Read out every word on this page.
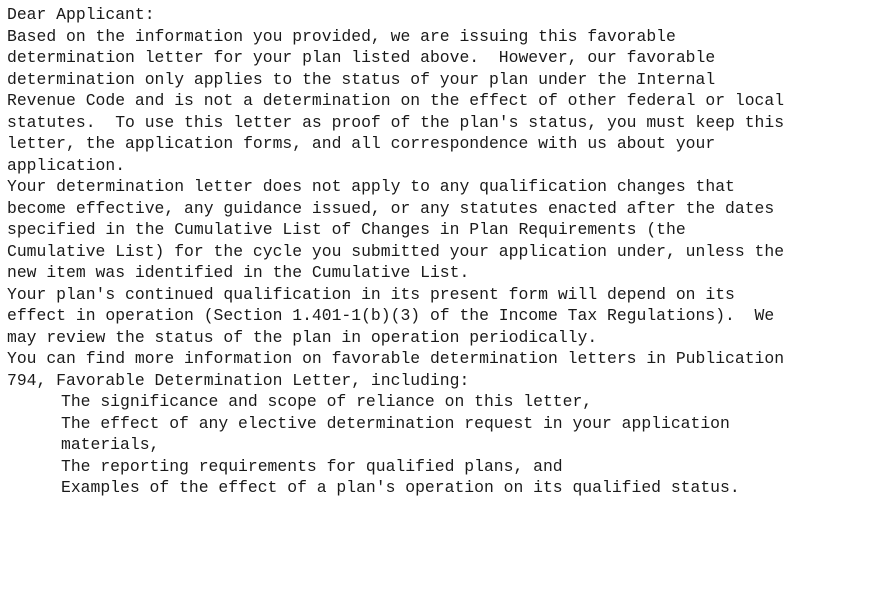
Dear Applicant:
Based on the information you provided, we are issuing this favorable
determination letter for your plan listed above.  However, our favorable
determination only applies to the status of your plan under the Internal
Revenue Code and is not a determination on the effect of other federal or local
statutes.  To use this letter as proof of the plan's status, you must keep this
letter, the application forms, and all correspondence with us about your
application.
Your determination letter does not apply to any qualification changes that
become effective, any guidance issued, or any statutes enacted after the dates
specified in the Cumulative List of Changes in Plan Requirements (the
Cumulative List) for the cycle you submitted your application under, unless the
new item was identified in the Cumulative List.
Your plan's continued qualification in its present form will depend on its
effect in operation (Section 1.401-1(b)(3) of the Income Tax Regulations).  We
may review the status of the plan in operation periodically.
You can find more information on favorable determination letters in Publication
794, Favorable Determination Letter, including:
The significance and scope of reliance on this letter,
The effect of any elective determination request in your application
materials,
The reporting requirements for qualified plans, and
Examples of the effect of a plan's operation on its qualified status.
